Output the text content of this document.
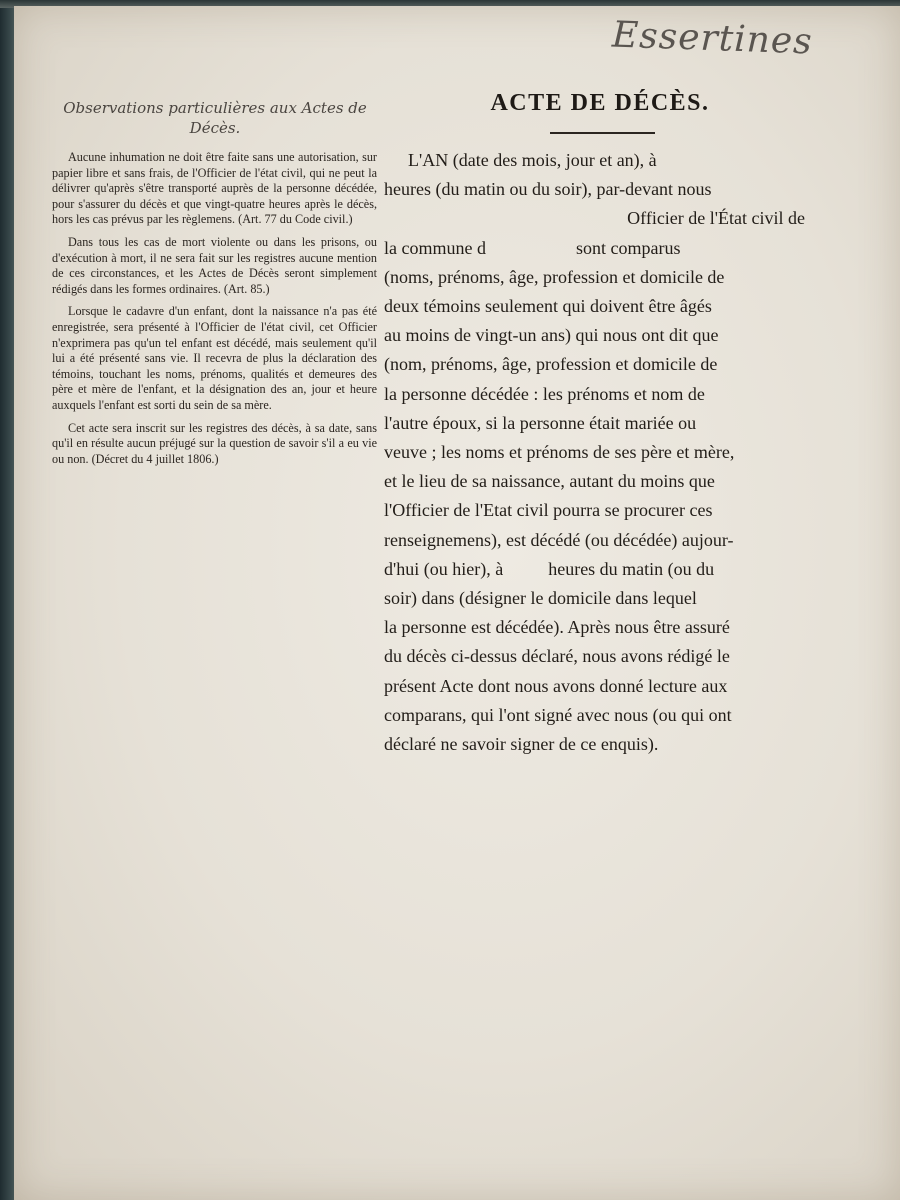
Essertines
Observations particulières aux Actes de Décès.

Aucune inhumation ne doit être faite sans une autorisation, sur papier libre et sans frais, de l'Officier de l'état civil, qui ne peut la délivrer qu'après s'être transporté auprès de la personne décédée, pour s'assurer du décès et que vingt-quatre heures après le décès, hors les cas prévus par les règlemens. (Art. 77 du Code civil.)

Dans tous les cas de mort violente ou dans les prisons, ou d'exécution à mort, il ne sera fait sur les registres aucune mention de ces circonstances, et les Actes de Décès seront simplement rédigés dans les formes ordinaires. (Art. 85.)

Lorsque le cadavre d'un enfant, dont la naissance n'a pas été enregistrée, sera présenté à l'Officier de l'état civil, cet Officier n'exprimera pas qu'un tel enfant est décédé, mais seulement qu'il lui a été présenté sans vie. Il recevra de plus la déclaration des témoins, touchant les noms, prénoms, qualités et demeures des père et mère de l'enfant, et la désignation des an, jour et heure auxquels l'enfant est sorti du sein de sa mère.

Cet acte sera inscrit sur les registres des décès, à sa date, sans qu'il en résulte aucun préjugé sur la question de savoir s'il a eu vie ou non. (Décret du 4 juillet 1806.)

ACTE DE DÉCÈS.
L'AN (date des mois, jour et an), à
heures (du matin ou du soir), par-devant nous
Officier de l'État civil de
la commune d                    sont comparus
(noms, prénoms, âge, profession et domicile de
deux témoins seulement qui doivent être âgés
au moins de vingt-un ans) qui nous ont dit que
(nom, prénoms, âge, profession et domicile de
la personne décédée : les prénoms et nom de
l'autre époux, si la personne était mariée ou
veuve ; les noms et prénoms de ses père et mère,
et le lieu de sa naissance, autant du moins que
l'Officier de l'Etat civil pourra se procurer ces
renseignemens), est décédé (ou décédée) aujour-
d'hui (ou hier), à          heures du matin (ou du
soir) dans (désigner le domicile dans lequel
la personne est décédée). Après nous être assuré
du décès ci-dessus déclaré, nous avons rédigé le
présent Acte dont nous avons donné lecture aux
comparans, qui l'ont signé avec nous (ou qui ont
déclaré ne savoir signer de ce enquis).
